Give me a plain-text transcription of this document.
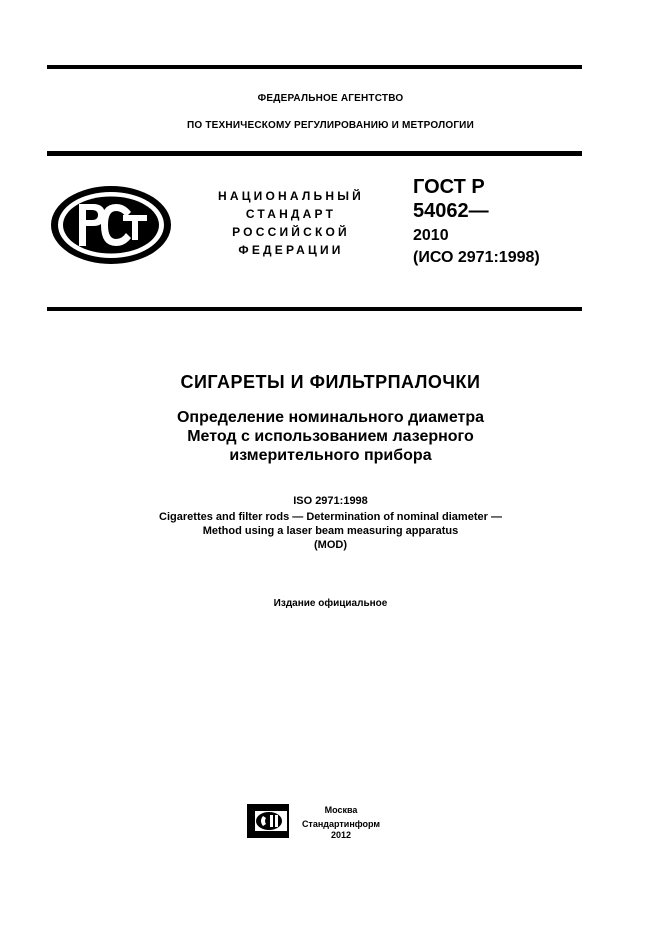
ФЕДЕРАЛЬНОЕ АГЕНТСТВО
ПО ТЕХНИЧЕСКОМУ РЕГУЛИРОВАНИЮ И МЕТРОЛОГИИ
НАЦИОНАЛЬНЫЙ
СТАНДАРТ
РОССИЙСКОЙ
ФЕДЕРАЦИИ
ГОСТ Р
54062—
2010
(ИСО 2971:1998)
СИГАРЕТЫ И ФИЛЬТРПАЛОЧКИ
Определение номинального диаметра
Метод с использованием лазерного
измерительного прибора
ISO 2971:1998
Cigarettes and filter rods — Determination of nominal diameter —
Method using a laser beam measuring apparatus
(MOD)
Издание официальное
Москва
Стандартинформ
2012
